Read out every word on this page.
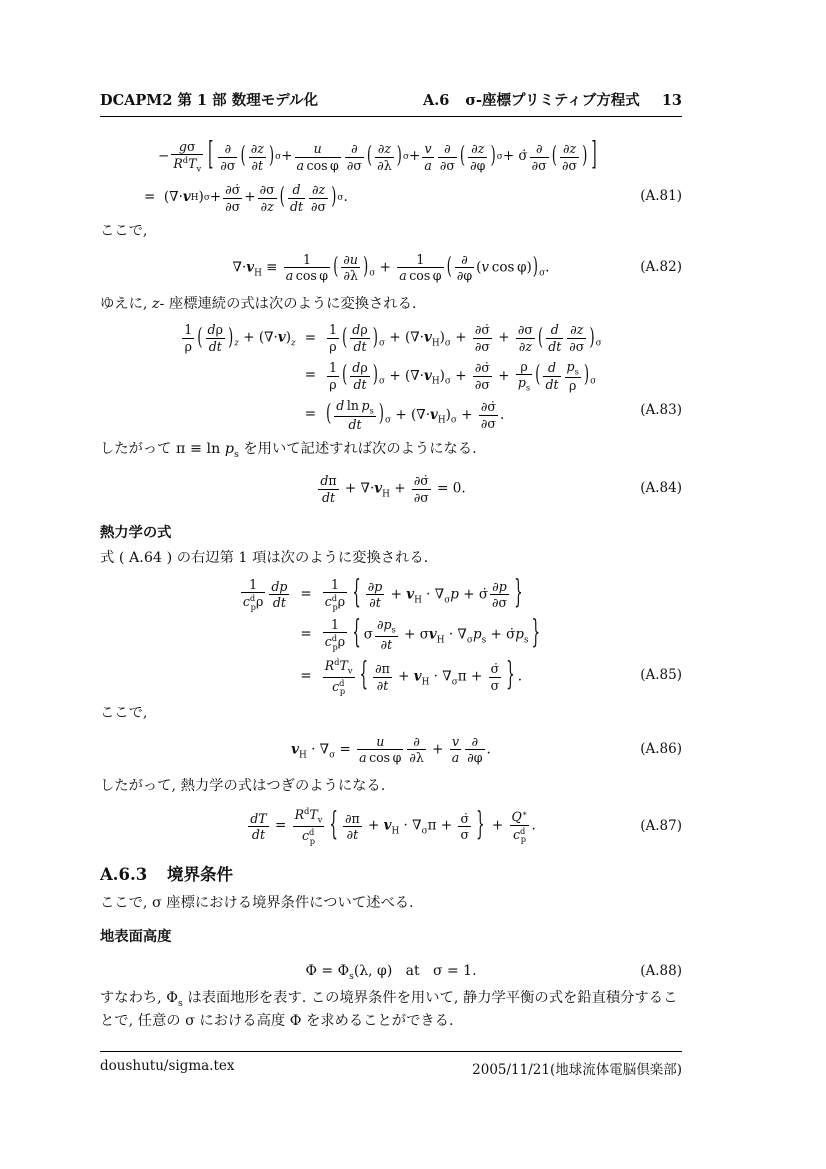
DCAPM2 第 1 部 数理モデル化	A.6 σ-座標プリミティブ方程式 13
−
gσ
$R^dT_v$ [ ∂
∂σ ( ∂z
∂t ) σ +	u
a cos φ
∂
∂σ ( ∂z
∂λ ) σ + v
a
∂
∂σ ( ∂z
∂φ ) σ + σ̇ ∂
∂σ ( ∂z
∂σ ) ]
=  (∇· v H ) σ + ∂σ̇
∂σ
+ ∂σ
∂z ( d
dt
∂z
∂σ ) σ .	(A.81)

ここで,

$\nabla\cdot v_H \equiv \frac{1}{\text{a cos φ}}$ ( $\frac{\partial u}{\partial\lambda} )_\sigma + \frac{1}{\text{a cos φ}}$ ( ∂
∂φ
(v $\cos \varphi))_\sigma$.	(A.82)

ゆえに, z- 座標連続の式は次のように変換される.

$\frac{1}{\rho}$ ( $\frac{d\rho}{dt} )_z + (\nabla\cdot v)_z$	=	$\frac{1}{\rho}$ ( $\frac{d\rho}{dt} )_\sigma + (\nabla\cdot v_H)_\sigma + \frac{\partial\sigmȧ}{\partial\sigma} + \frac{\partial\sigma}{\partial z}$ ( $\frac{d}{dt} \frac{\partial z}{\partial\sigma} )_\sigma$
	=	$\frac{1}{\rho}$ ( $\frac{d\rho}{dt} )_\sigma + (\nabla\cdot v_H)_\sigma + \frac{\partial\sigmȧ}{\partial\sigma} + \frac{\rho}{p_s}$ ( $\frac{d}{dt} \frac{p_s}{\rho} )_\sigma$
	=	( $\frac{d \ln p_s}{dt} )_\sigma + (\nabla\cdot v_H)_\sigma + \frac{\partial\sigmȧ}{\partial\sigma}$ .	(A.83)

したがって $\pi \equiv \ln p_s$ を用いて記述すれば次のようになる.

$\frac{d\pi}{dt} + \nabla\cdot v_H + \frac{\partial\sigmȧ}{\partial\sigma} = 0$.	(A.84)
熱力学の式

式 ( A.64 ) の右辺第 1 項は次のように変換される.

1
$c^d_p\rho \frac{dp}{dt}$	=	
1
$c^d_p\rho$ { $\frac{\partial p}{\partial t} + v_H \cdot \nabla_\sigma p$ + σ̇ $\frac{\partial p}{\partial\sigma}$ }
	=	
1
$c^d_p\rho$ { σ $\frac{\partial p_s}{\partial t} + \sigma v_H \cdot \nabla_\sigma p_s$ + $\sigmȧp_s$ }
	=	
$R^dT_v$
$c^d_p$	{ $\frac{\partial\pi}{\partial t} + v_H \cdot \nabla_\sigma\pi + \frac{\sigmȧ}{\sigma}$ } .	(A.85)

ここで,

$v_H \cdot \nabla_\sigma = \frac{u}{\text{a cos φ}}$ ∂
∂λ
+ $\frac{v}{a}$ ∂
∂φ
.	(A.86)

したがって, 熱力学の式はつぎのようになる.

$\frac{dT}{dt}$ =
$R^dT_v$
$c^d_p$	{ $\frac{\partial\pi}{\partial t} + v_H \cdot \nabla_\sigma\pi + \frac{\sigmȧ}{\sigma}$ } +
Q∗
$c^d_p$
.	(A.87)
A.6.3 境界条件

ここで, σ 座標における境界条件について述べる.

地表面高度
$\Phi = \Phi_s(\lambda$, φ)   at   σ = 1.	(A.88)

すなわち, $\Phi_s$ は表面地形を表す. この境界条件を用いて, 静力学平衡の式を鉛直積分することで, 任意の σ における高度 Φ を求めることができる.

doushutu/sigma.tex	2005/11/21(地球流体電脳倶楽部)
